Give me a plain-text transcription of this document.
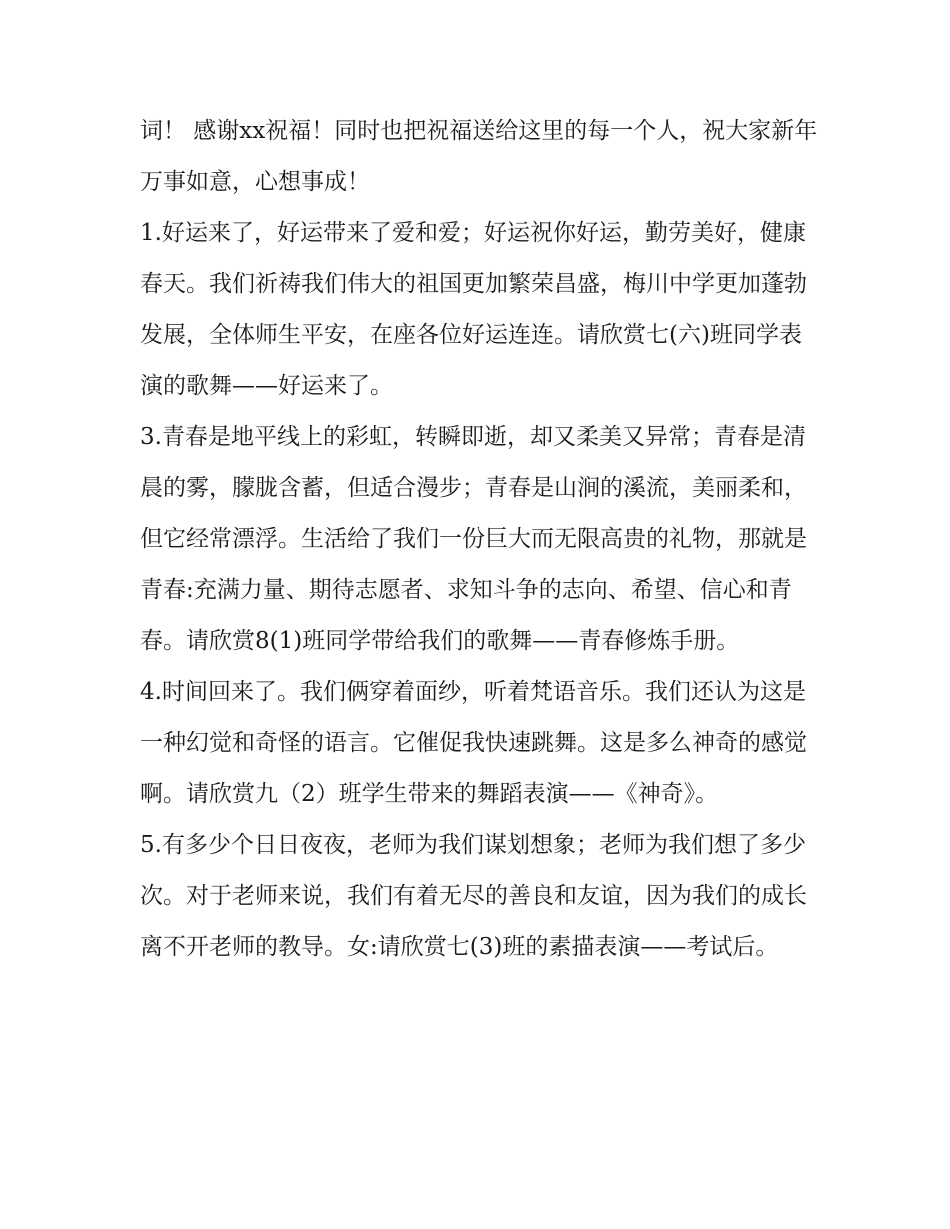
词！ 感谢xx祝福！同时也把祝福送给这里的每一个人，祝大家新年万事如意，心想事成！

1.好运来了，好运带来了爱和爱；好运祝你好运，勤劳美好，健康春天。我们祈祷我们伟大的祖国更加繁荣昌盛，梅川中学更加蓬勃发展，全体师生平安，在座各位好运连连。请欣赏七(六)班同学表演的歌舞——好运来了。

3.青春是地平线上的彩虹，转瞬即逝，却又柔美又异常；青春是清晨的雾，朦胧含蓄，但适合漫步；青春是山涧的溪流，美丽柔和，但它经常漂浮。生活给了我们一份巨大而无限高贵的礼物，那就是青春:充满力量、期待志愿者、求知斗争的志向、希望、信心和青春。请欣赏8(1)班同学带给我们的歌舞——青春修炼手册。

4.时间回来了。我们俩穿着面纱，听着梵语音乐。我们还认为这是一种幻觉和奇怪的语言。它催促我快速跳舞。这是多么神奇的感觉啊。请欣赏九（2）班学生带来的舞蹈表演——《神奇》。

5.有多少个日日夜夜，老师为我们谋划想象；老师为我们想了多少次。对于老师来说，我们有着无尽的善良和友谊，因为我们的成长离不开老师的教导。女:请欣赏七(3)班的素描表演——考试后。
